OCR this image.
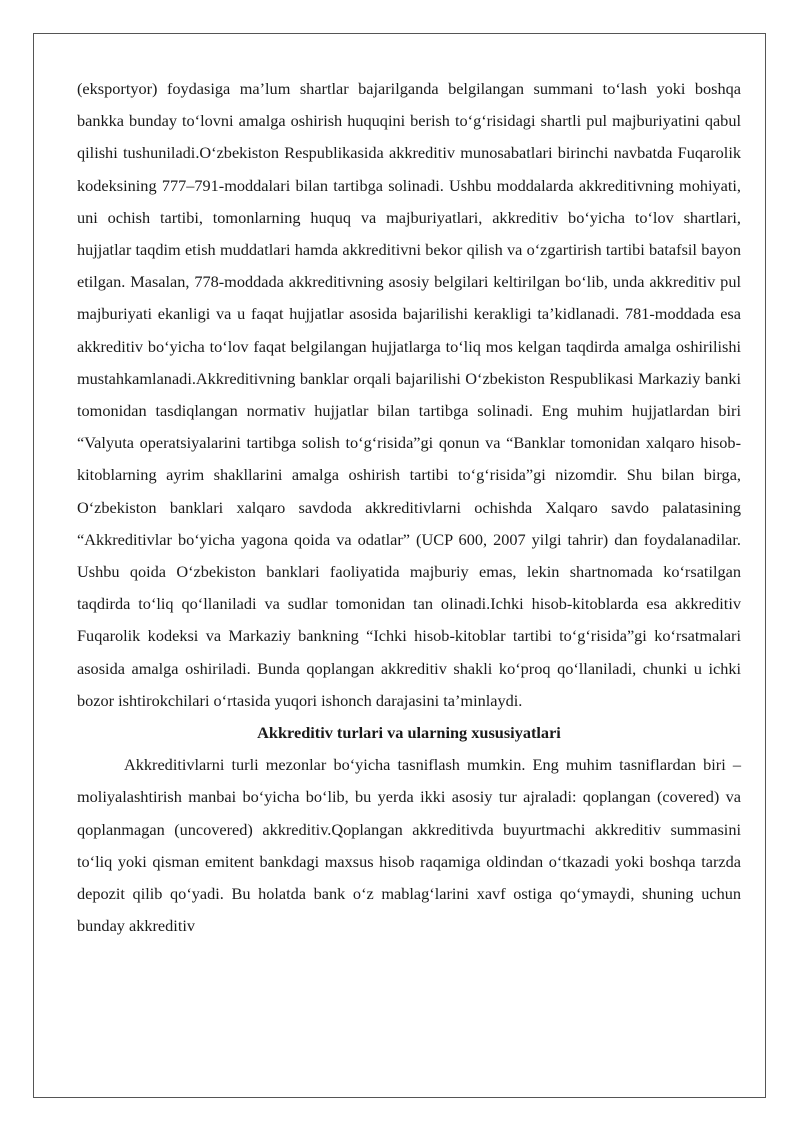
(eksportyor) foydasiga ma’lum shartlar bajarilganda belgilangan summani to‘lash yoki boshqa bankka bunday to‘lovni amalga oshirish huquqini berish to‘g‘risidagi shartli pul majburiyatini qabul qilishi tushuniladi.O‘zbekiston Respublikasida akkreditiv munosabatlari birinchi navbatda Fuqarolik kodeksining 777–791-moddalari bilan tartibga solinadi. Ushbu moddalarda akkreditivning mohiyati, uni ochish tartibi, tomonlarning huquq va majburiyatlari, akkreditiv bo‘yicha to‘lov shartlari, hujjatlar taqdim etish muddatlari hamda akkreditivni bekor qilish va o‘zgartirish tartibi batafsil bayon etilgan. Masalan, 778-moddada akkreditivning asosiy belgilari keltirilgan bo‘lib, unda akkreditiv pul majburiyati ekanligi va u faqat hujjatlar asosida bajarilishi kerakligi ta’kidlanadi. 781-moddada esa akkreditiv bo‘yicha to‘lov faqat belgilangan hujjatlarga to‘liq mos kelgan taqdirda amalga oshirilishi mustahkamlanadi.Akkreditivning banklar orqali bajarilishi O‘zbekiston Respublikasi Markaziy banki tomonidan tasdiqlangan normativ hujjatlar bilan tartibga solinadi. Eng muhim hujjatlardan biri “Valyuta operatsiyalarini tartibga solish to‘g‘risida”gi qonun va “Banklar tomonidan xalqaro hisob-kitoblarning ayrim shakllarini amalga oshirish tartibi to‘g‘risida”gi nizomdir. Shu bilan birga, O‘zbekiston banklari xalqaro savdoda akkreditivlarni ochishda Xalqaro savdo palatasining “Akkreditivlar bo‘yicha yagona qoida va odatlar” (UCP 600, 2007 yilgi tahrir) dan foydalanadilar. Ushbu qoida O‘zbekiston banklari faoliyatida majburiy emas, lekin shartnomada ko‘rsatilgan taqdirda to‘liq qo‘llaniladi va sudlar tomonidan tan olinadi.Ichki hisob-kitoblarda esa akkreditiv Fuqarolik kodeksi va Markaziy bankning “Ichki hisob-kitoblar tartibi to‘g‘risida”gi ko‘rsatmalari asosida amalga oshiriladi. Bunda qoplangan akkreditiv shakli ko‘proq qo‘llaniladi, chunki u ichki bozor ishtirokchilari o‘rtasida yuqori ishonch darajasini ta’minlaydi.

Akkreditiv turlari va ularning xususiyatlari

Akkreditivlarni turli mezonlar bo‘yicha tasniflash mumkin. Eng muhim tasniflardan biri – moliyalashtirish manbai bo‘yicha bo‘lib, bu yerda ikki asosiy tur ajraladi: qoplangan (covered) va qoplanmagan (uncovered) akkreditiv.Qoplangan akkreditivda buyurtmachi akkreditiv summasini to‘liq yoki qisman emitent bankdagi maxsus hisob raqamiga oldindan o‘tkazadi yoki boshqa tarzda depozit qilib qo‘yadi. Bu holatda bank o‘z mablag‘larini xavf ostiga qo‘ymaydi, shuning uchun bunday akkreditiv
